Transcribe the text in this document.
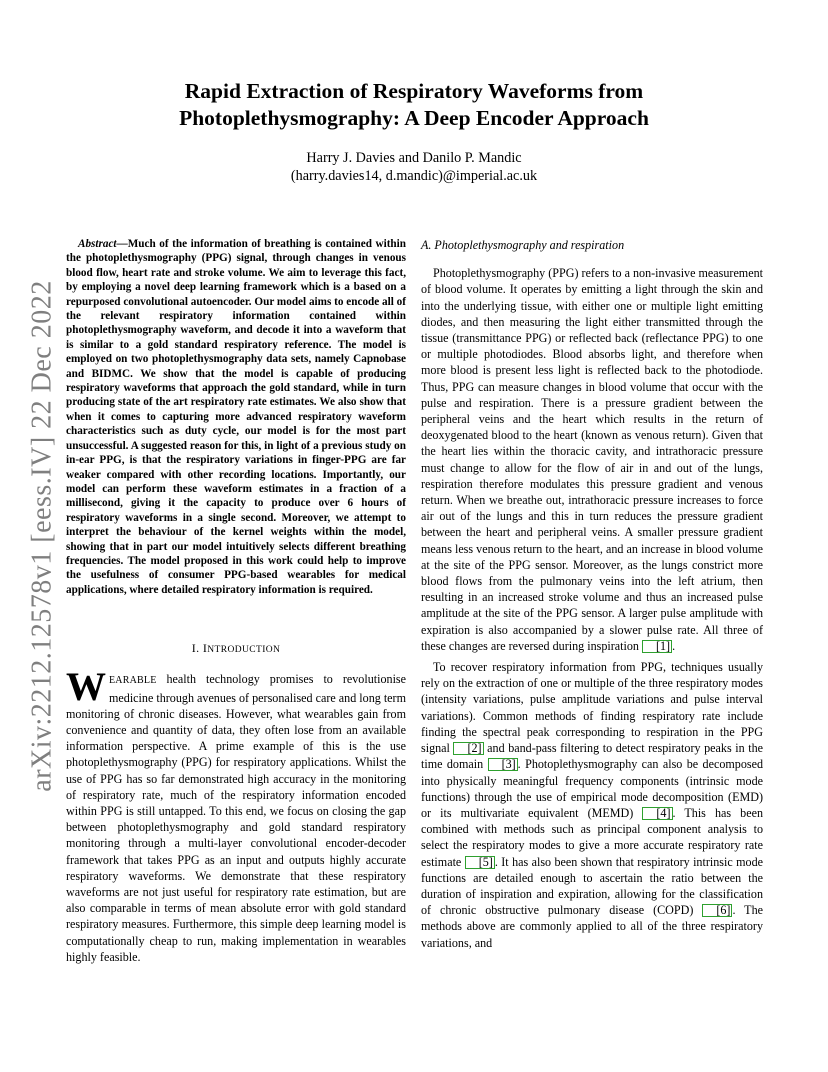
arXiv:2212.12578v1 [eess.IV] 22 Dec 2022
Rapid Extraction of Respiratory Waveforms from
Photoplethysmography: A Deep Encoder Approach
Harry J. Davies and Danilo P. Mandic
(harry.davies14, d.mandic)@imperial.ac.uk

Abstract—Much of the information of breathing is contained within the photoplethysmography (PPG) signal, through changes in venous blood flow, heart rate and stroke volume. We aim to leverage this fact, by employing a novel deep learning framework which is a based on a repurposed convolutional autoencoder. Our model aims to encode all of the relevant respiratory information contained within photoplethysmography waveform, and decode it into a waveform that is similar to a gold standard respiratory reference. The model is employed on two photoplethysmography data sets, namely Capnobase and BIDMC. We show that the model is capable of producing respiratory waveforms that approach the gold standard, while in turn producing state of the art respiratory rate estimates. We also show that when it comes to capturing more advanced respiratory waveform characteristics such as duty cycle, our model is for the most part unsuccessful. A suggested reason for this, in light of a previous study on in-ear PPG, is that the respiratory variations in finger-PPG are far weaker compared with other recording locations. Importantly, our model can perform these waveform estimates in a fraction of a millisecond, giving it the capacity to produce over 6 hours of respiratory waveforms in a single second. Moreover, we attempt to interpret the behaviour of the kernel weights within the model, showing that in part our model intuitively selects different breathing frequencies. The model proposed in this work could help to improve the usefulness of consumer PPG-based wearables for medical applications, where detailed respiratory information is required.

I. INTRODUCTION

WEARABLE health technology promises to revolutionise medicine through avenues of personalised care and long term monitoring of chronic diseases. However, what wearables gain from convenience and quantity of data, they often lose from an available information perspective. A prime example of this is the use photoplethysmography (PPG) for respiratory applications. Whilst the use of PPG has so far demonstrated high accuracy in the monitoring of respiratory rate, much of the respiratory information encoded within PPG is still untapped. To this end, we focus on closing the gap between photoplethysmography and gold standard respiratory monitoring through a multi-layer convolutional encoder-decoder framework that takes PPG as an input and outputs highly accurate respiratory waveforms. We demonstrate that these respiratory waveforms are not just useful for respiratory rate estimation, but are also comparable in terms of mean absolute error with gold standard respiratory measures. Furthermore, this simple deep learning model is computationally cheap to run, making implementation in wearables highly feasible.

A. Photoplethysmography and respiration

Photoplethysmography (PPG) refers to a non-invasive measurement of blood volume. It operates by emitting a light through the skin and into the underlying tissue, with either one or multiple light emitting diodes, and then measuring the light either transmitted through the tissue (transmittance PPG) or reflected back (reflectance PPG) to one or multiple photodiodes. Blood absorbs light, and therefore when more blood is present less light is reflected back to the photodiode. Thus, PPG can measure changes in blood volume that occur with the pulse and respiration. There is a pressure gradient between the peripheral veins and the heart which results in the return of deoxygenated blood to the heart (known as venous return). Given that the heart lies within the thoracic cavity, and intrathoracic pressure must change to allow for the flow of air in and out of the lungs, respiration therefore modulates this pressure gradient and venous return. When we breathe out, intrathoracic pressure increases to force air out of the lungs and this in turn reduces the pressure gradient between the heart and peripheral veins. A smaller pressure gradient means less venous return to the heart, and an increase in blood volume at the site of the PPG sensor. Moreover, as the lungs constrict more blood flows from the pulmonary veins into the left atrium, then resulting in an increased stroke volume and thus an increased pulse amplitude at the site of the PPG sensor. A larger pulse amplitude with expiration is also accompanied by a slower pulse rate. All three of these changes are reversed during inspiration [1] .

To recover respiratory information from PPG, techniques usually rely on the extraction of one or multiple of the three respiratory modes (intensity variations, pulse amplitude variations and pulse interval variations). Common methods of finding respiratory rate include finding the spectral peak corresponding to respiration in the PPG signal [2] and band-pass filtering to detect respiratory peaks in the time domain [3] . Photoplethysmography can also be decomposed into physically meaningful frequency components (intrinsic mode functions) through the use of empirical mode decomposition (EMD) or its multivariate equivalent (MEMD) [4] . This has been combined with methods such as principal component analysis to select the respiratory modes to give a more accurate respiratory rate estimate [5] . It has also been shown that respiratory intrinsic mode functions are detailed enough to ascertain the ratio between the duration of inspiration and expiration, allowing for the classification of chronic obstructive pulmonary disease (COPD) [6] . The methods above are commonly applied to all of the three respiratory variations, and
